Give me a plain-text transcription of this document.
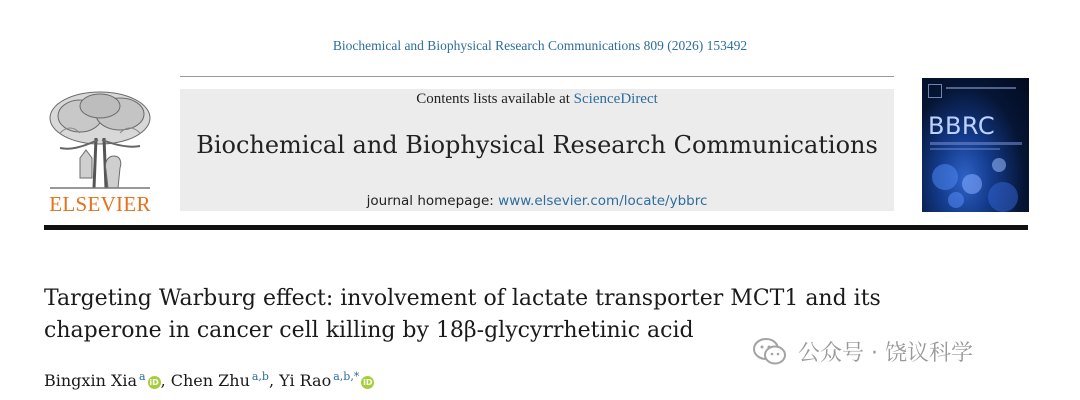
Biochemical and Biophysical Research Communications 809 (2026) 153492
ELSEVIER
Contents lists available at ScienceDirect
Biochemical and Biophysical Research Communications
journal homepage: www.elsevier.com/locate/ybbrc
BBRC
Targeting Warburg effect: involvement of lactate transporter MCT1 and its
chaperone in cancer cell killing by 18β-glycyrrhetinic acid
Bingxin Xia $^a$ iD , Chen Zhu $^{a,b}$, Yi Rao $^{a,b,*}$ iD
公众号 · 饶议科学
